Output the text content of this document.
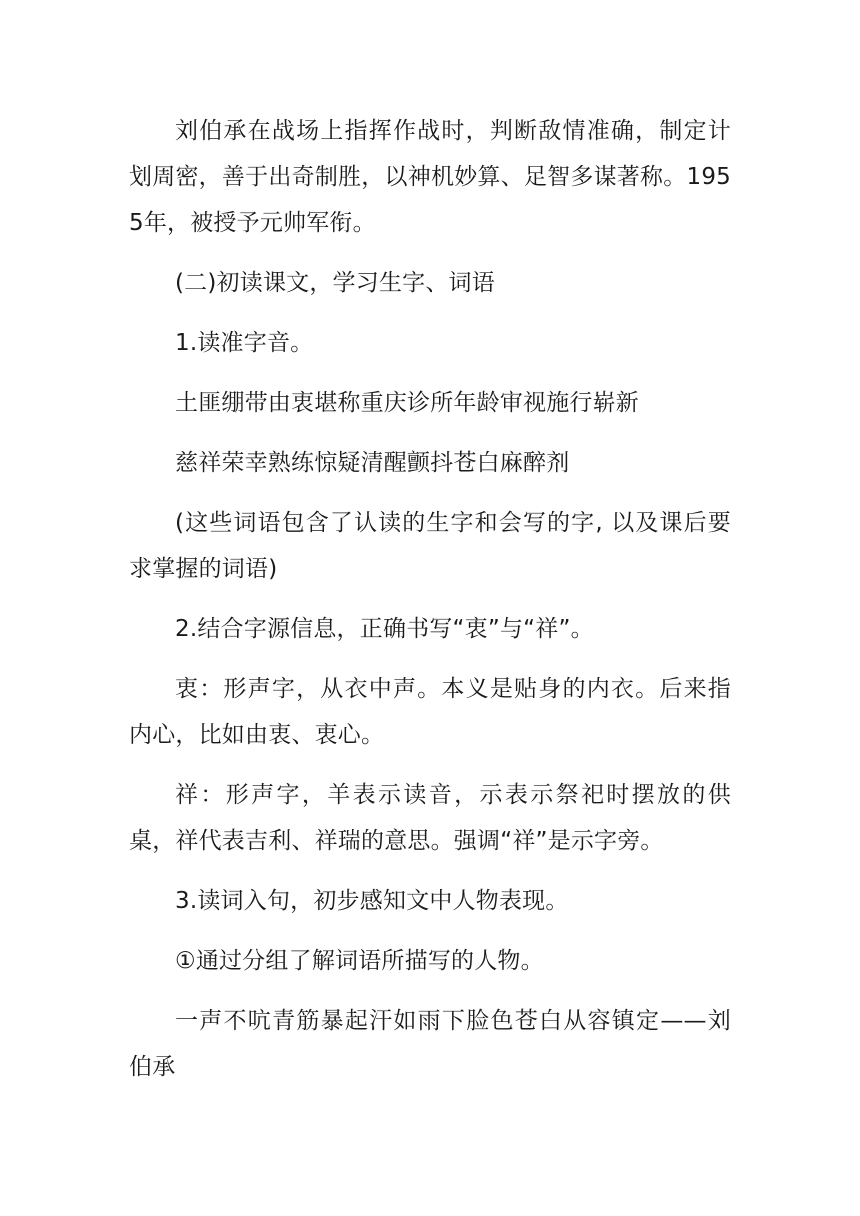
刘伯承在战场上指挥作战时，判断敌情准确，制定计划周密，善于出奇制胜，以神机妙算、足智多谋著称。1955年，被授予元帅军衔。

(二)初读课文，学习生字、词语

1.读准字音。

土匪绷带由衷堪称重庆诊所年龄审视施行崭新

慈祥荣幸熟练惊疑清醒颤抖苍白麻醉剂

(这些词语包含了认读的生字和会写的字, 以及课后要求掌握的词语)

2.结合字源信息，正确书写“衷”与“祥”。

衷：形声字，从衣中声。本义是贴身的内衣。后来指内心，比如由衷、衷心。

祥：形声字，羊表示读音，示表示祭祀时摆放的供桌，祥代表吉利、祥瑞的意思。强调“祥”是示字旁。

3.读词入句，初步感知文中人物表现。

①通过分组了解词语所描写的人物。

一声不吭青筋暴起汗如雨下脸色苍白从容镇定——刘伯承
